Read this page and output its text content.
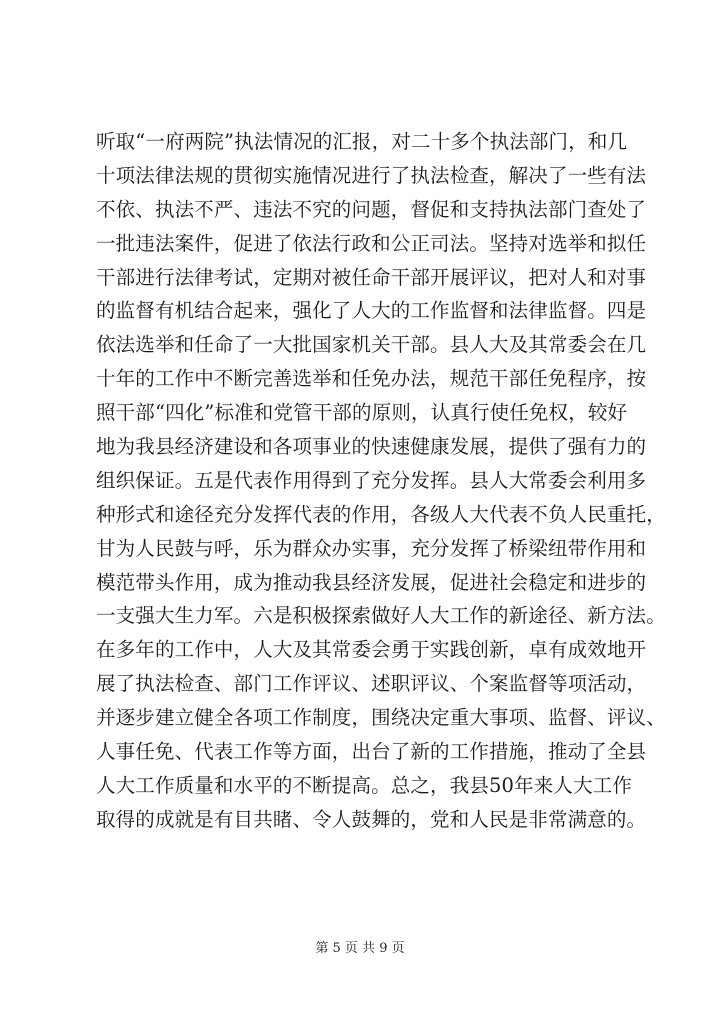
听取“一府两院”执法情况的汇报，对二十多个执法部门，和几
十项法律法规的贯彻实施情况进行了执法检查，解决了一些有法
不依、执法不严、违法不究的问题，督促和支持执法部门查处了
一批违法案件，促进了依法行政和公正司法。坚持对选举和拟任
干部进行法律考试，定期对被任命干部开展评议，把对人和对事
的监督有机结合起来，强化了人大的工作监督和法律监督。四是
依法选举和任命了一大批国家机关干部。县人大及其常委会在几
十年的工作中不断完善选举和任免办法，规范干部任免程序，按
照干部“四化”标准和党管干部的原则，认真行使任免权，较好
地为我县经济建设和各项事业的快速健康发展，提供了强有力的
组织保证。五是代表作用得到了充分发挥。县人大常委会利用多
种形式和途径充分发挥代表的作用，各级人大代表不负人民重托，
甘为人民鼓与呼，乐为群众办实事，充分发挥了桥梁纽带作用和
模范带头作用，成为推动我县经济发展，促进社会稳定和进步的
一支强大生力军。六是积极探索做好人大工作的新途径、新方法。
在多年的工作中，人大及其常委会勇于实践创新，卓有成效地开
展了执法检查、部门工作评议、述职评议、个案监督等项活动，
并逐步建立健全各项工作制度，围绕决定重大事项、监督、评议、
人事任免、代表工作等方面，出台了新的工作措施，推动了全县
人大工作质量和水平的不断提高。总之，我县50年来人大工作
取得的成就是有目共睹、令人鼓舞的，党和人民是非常满意的。
第 5 页 共 9 页
